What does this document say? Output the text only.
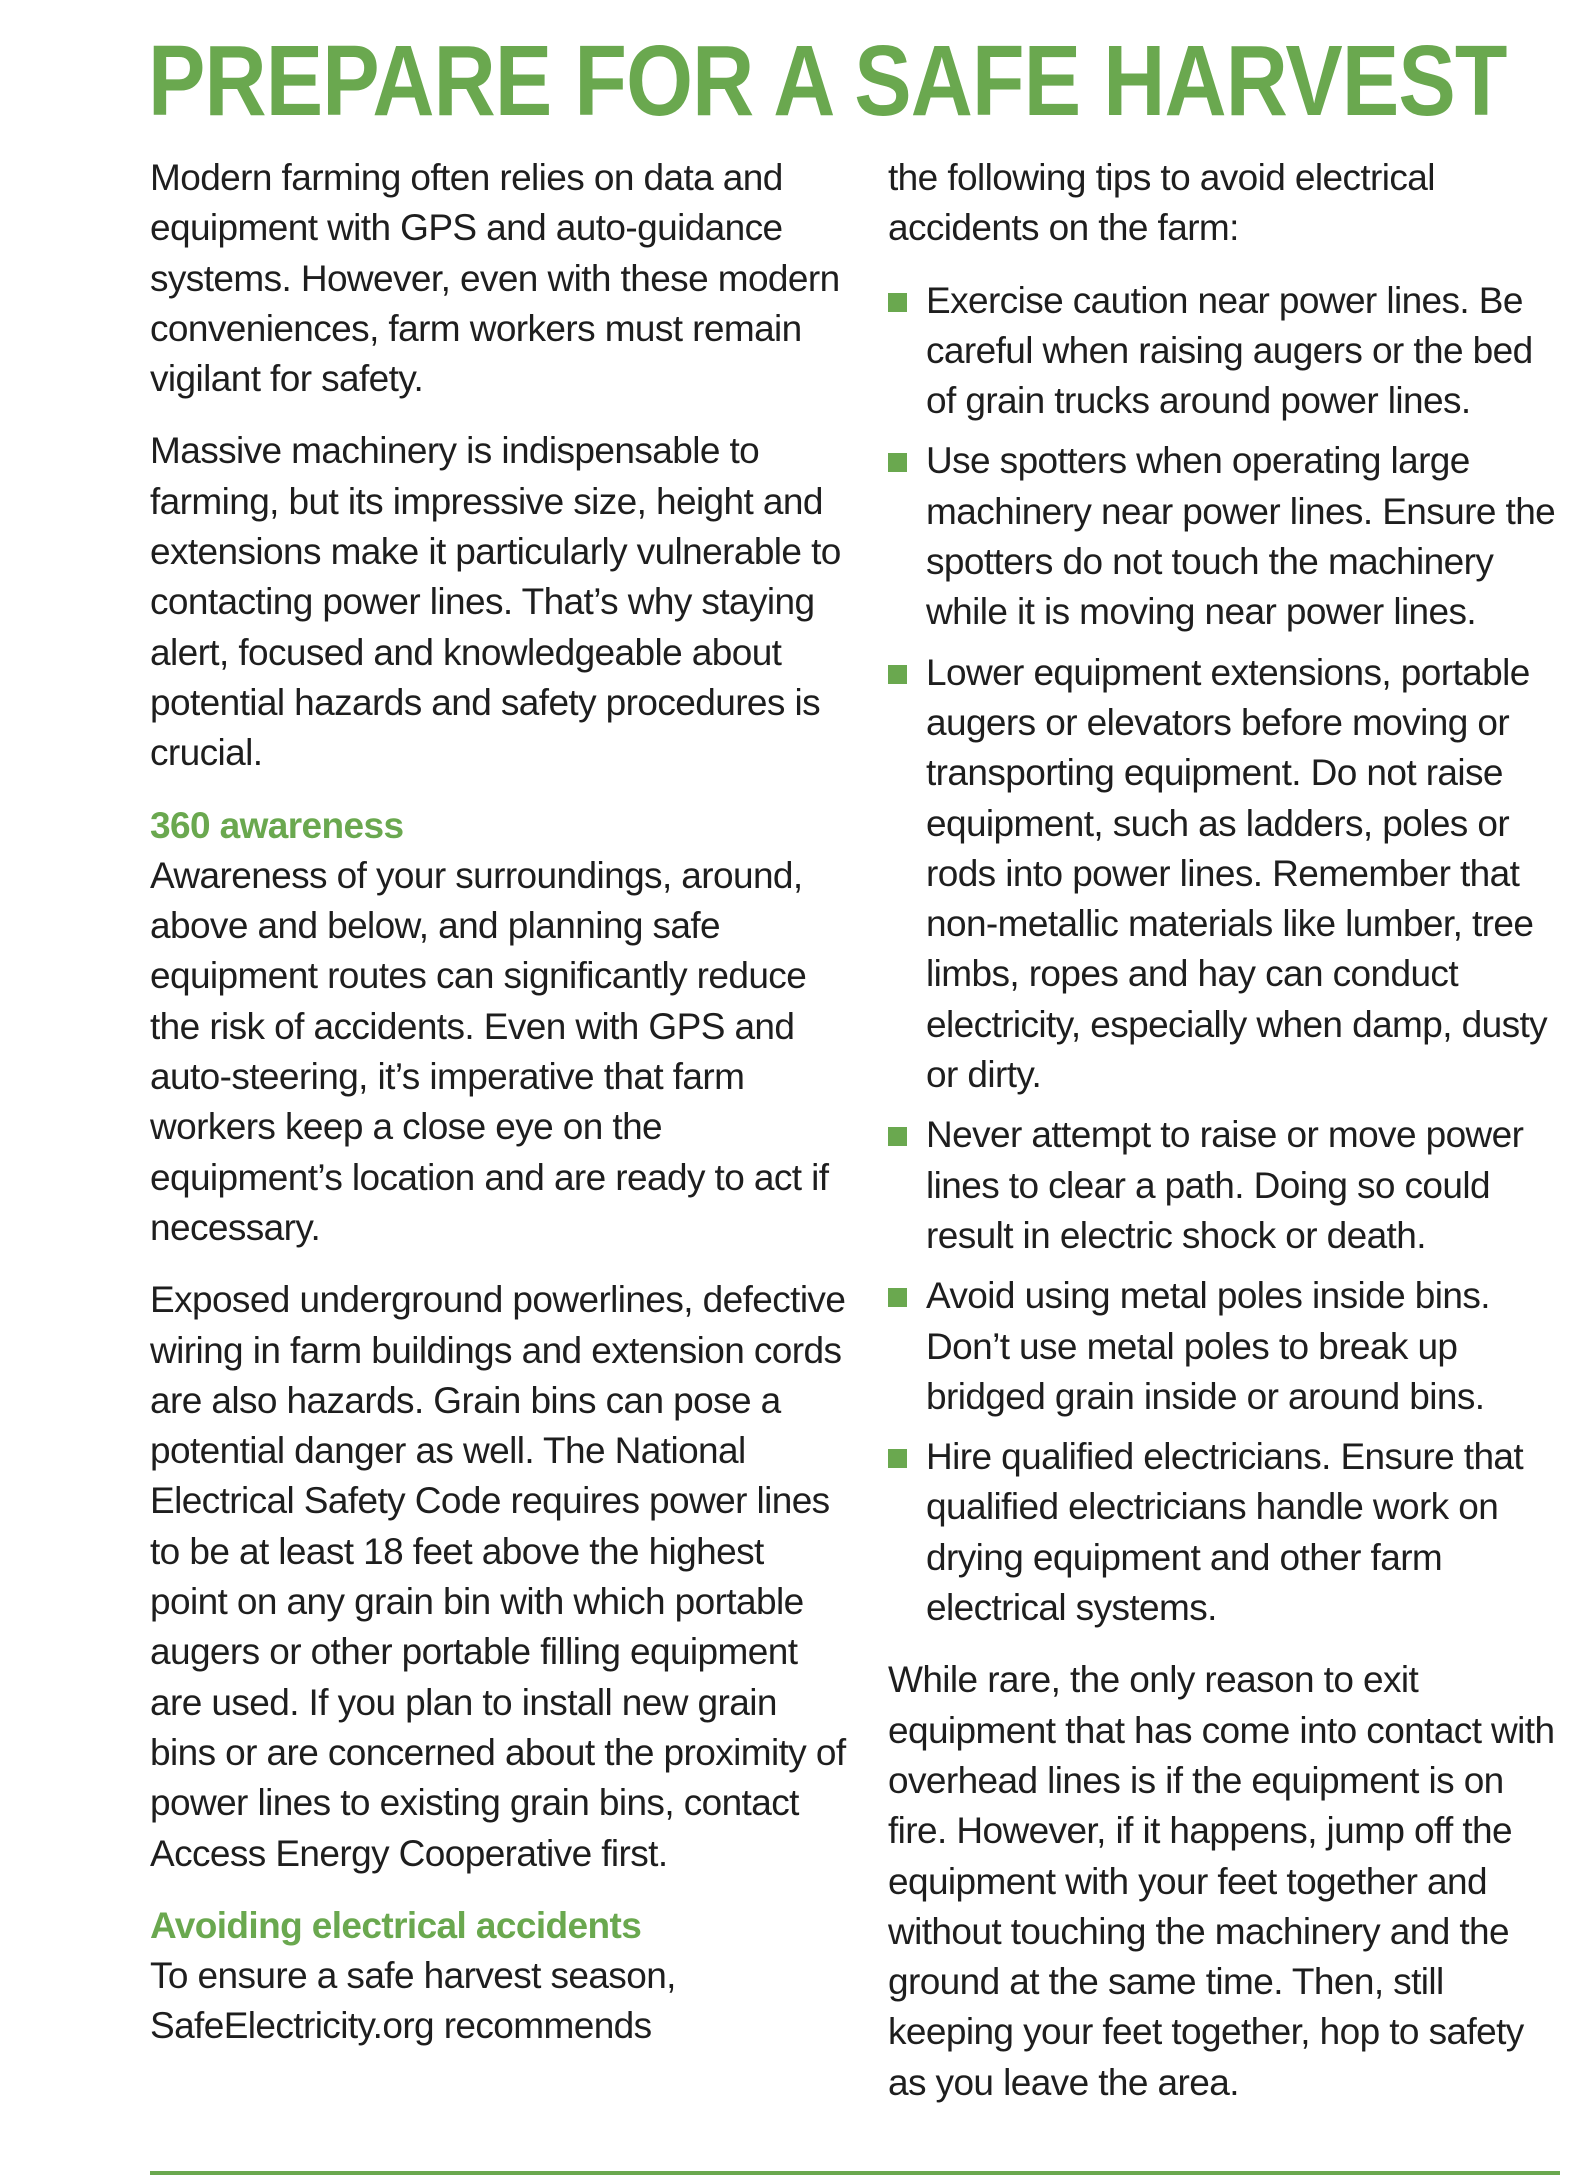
PREPARE FOR A SAFE HARVEST

Modern farming often relies on data and equipment with GPS and auto-guidance systems. However, even with these modern conveniences, farm workers must remain vigilant for safety.

Massive machinery is indispensable to farming, but its impressive size, height and extensions make it particularly vulnerable to contacting power lines. That’s why staying alert, focused and knowledgeable about potential hazards and safety procedures is crucial.

360 awareness

Awareness of your surroundings, around, above and below, and planning safe equipment routes can significantly reduce the risk of accidents. Even with GPS and auto-steering, it’s imperative that farm workers keep a close eye on the equipment’s location and are ready to act if necessary.

Exposed underground powerlines, defective wiring in farm buildings and extension cords are also hazards. Grain bins can pose a potential danger as well. The National Electrical Safety Code requires power lines to be at least 18 feet above the highest point on any grain bin with which portable augers or other portable filling equipment are used. If you plan to install new grain bins or are concerned about the proximity of power lines to existing grain bins, contact Access Energy Cooperative first.

Avoiding electrical accidents

To ensure a safe harvest season, SafeElectricity.org recommends

the following tips to avoid electrical accidents on the farm:

Exercise caution near power lines. Be careful when raising augers or the bed of grain trucks around power lines.
Use spotters when operating large machinery near power lines. Ensure the spotters do not touch the machinery while it is moving near power lines.
Lower equipment extensions, portable augers or elevators before moving or transporting equipment. Do not raise equipment, such as ladders, poles or rods into power lines. Remember that non-metallic materials like lumber, tree limbs, ropes and hay can conduct electricity, especially when damp, dusty or dirty.
Never attempt to raise or move power lines to clear a path. Doing so could result in electric shock or death.
Avoid using metal poles inside bins. Don’t use metal poles to break up bridged grain inside or around bins.
Hire qualified electricians. Ensure that qualified electricians handle work on drying equipment and other farm electrical systems.

While rare, the only reason to exit equipment that has come into contact with overhead lines is if the equipment is on fire. However, if it happens, jump off the equipment with your feet together and without touching the machinery and the ground at the same time. Then, still keeping your feet together, hop to safety as you leave the area.
